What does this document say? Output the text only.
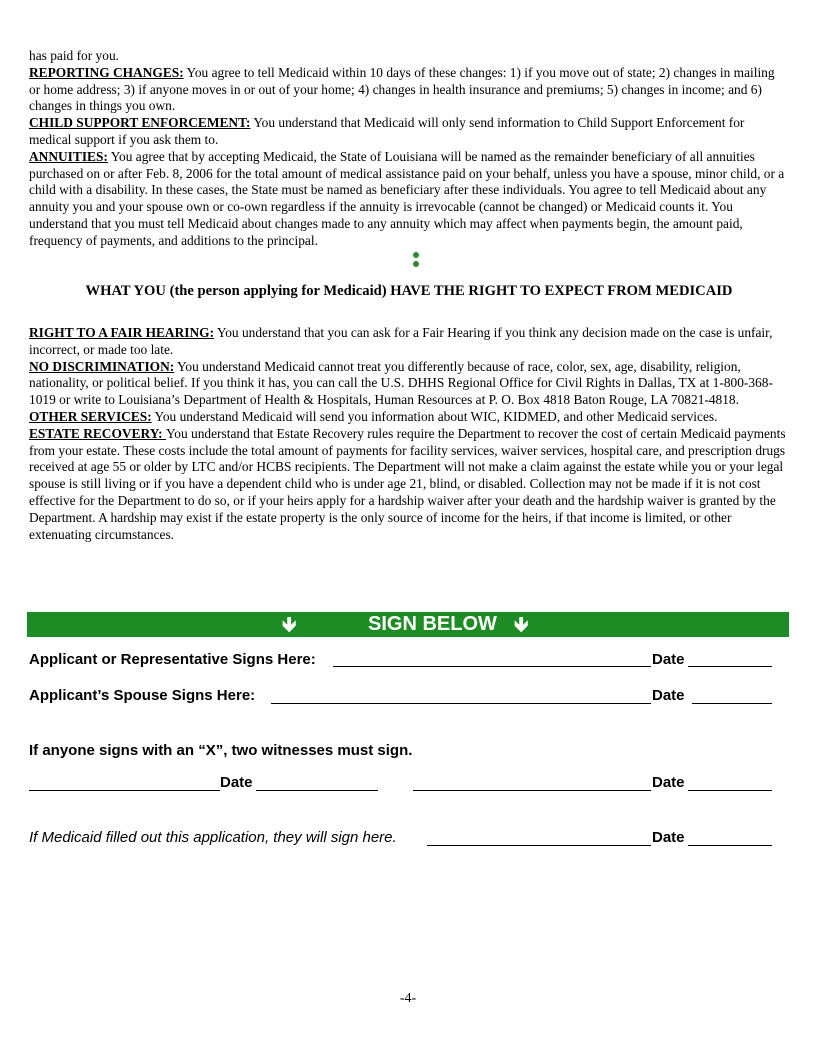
has paid for you.

REPORTING CHANGES: You agree to tell Medicaid within 10 days of these changes: 1) if you move out of state; 2) changes in mailing or home address; 3) if anyone moves in or out of your home; 4) changes in health insurance and premiums; 5) changes in income; and 6) changes in things you own.

CHILD SUPPORT ENFORCEMENT: You understand that Medicaid will only send information to Child Support Enforcement for medical support if you ask them to.

ANNUITIES: You agree that by accepting Medicaid, the State of Louisiana will be named as the remainder beneficiary of all annuities purchased on or after Feb. 8, 2006 for the total amount of medical assistance paid on your behalf, unless you have a spouse, minor child, or a child with a disability. In these cases, the State must be named as beneficiary after these individuals. You agree to tell Medicaid about any annuity you and your spouse own or co-own regardless if the annuity is irrevocable (cannot be changed) or Medicaid counts it. You understand that you must tell Medicaid about changes made to any annuity which may affect when payments begin, the amount paid, frequency of payments, and additions to the principal.

WHAT YOU (the person applying for Medicaid) HAVE THE RIGHT TO EXPECT FROM MEDICAID

RIGHT TO A FAIR HEARING: You understand that you can ask for a Fair Hearing if you think any decision made on the case is unfair, incorrect, or made too late.

NO DISCRIMINATION: You understand Medicaid cannot treat you differently because of race, color, sex, age, disability, religion, nationality, or political belief. If you think it has, you can call the U.S. DHHS Regional Office for Civil Rights in Dallas, TX at 1-800-368-1019 or write to Louisiana’s Department of Health & Hospitals, Human Resources at P. O. Box 4818 Baton Rouge, LA 70821-4818.

OTHER SERVICES: You understand Medicaid will send you information about WIC, KIDMED, and other Medicaid services.

ESTATE RECOVERY: You understand that Estate Recovery rules require the Department to recover the cost of certain Medicaid payments from your estate. These costs include the total amount of payments for facility services, waiver services, hospital care, and prescription drugs received at age 55 or older by LTC and/or HCBS recipients. The Department will not make a claim against the estate while you or your legal spouse is still living or if you have a dependent child who is under age 21, blind, or disabled. Collection may not be made if it is not cost effective for the Department to do so, or if your heirs apply for a hardship waiver after your death and the hardship waiver is granted by the Department. A hardship may exist if the estate property is the only source of income for the heirs, if that income is limited, or other extenuating circumstances.

🡻	SIGN BELOW 🡻
Applicant or Representative Signs Here:	Date
Applicant’s Spouse Signs Here:	Date
If anyone signs with an “X”, two witnesses must sign.
Date	Date
If Medicaid filled out this application, they will sign here.	Date
-4-
